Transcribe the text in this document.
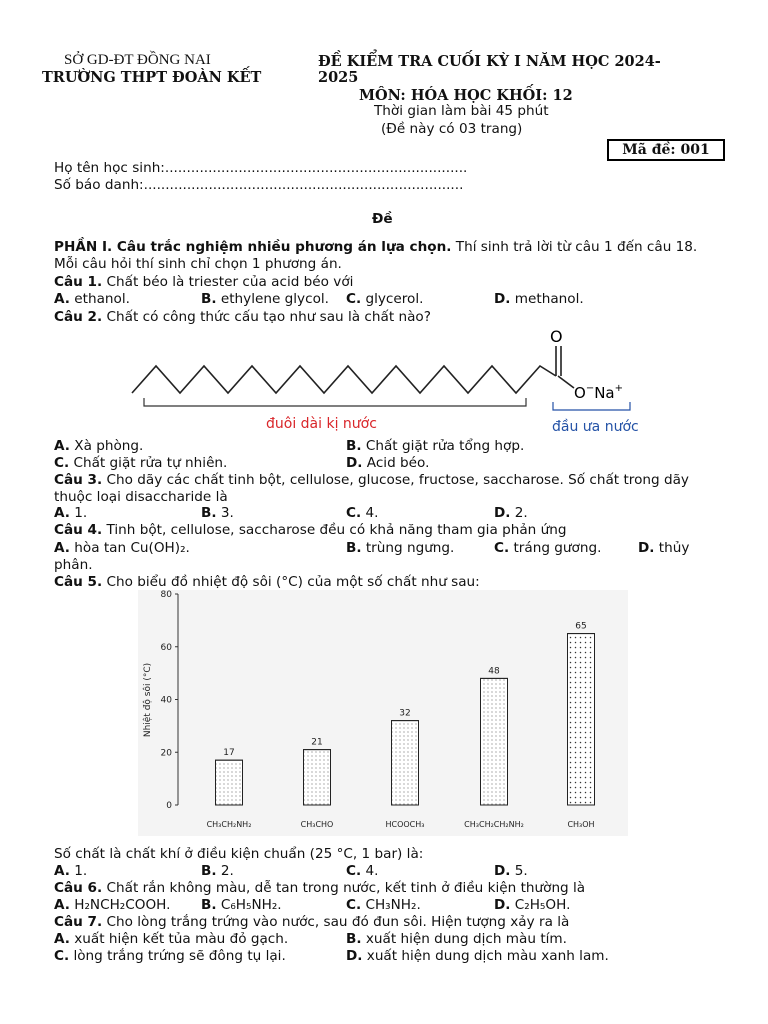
SỞ GD-ĐT ĐỒNG NAI
TRƯỜNG THPT ĐOÀN KẾT
ĐỀ KIỂM TRA CUỐI KỲ I NĂM HỌC 2024-
2025
MÔN: HÓA HỌC KHỐI: 12
Thời gian làm bài 45 phút
(Đề này có 03 trang)
Mã đề: 001
Họ tên học sinh:......................................................................
Số báo danh:..........................................................................
Đề
PHẦN I. Câu trắc nghiệm nhiều phương án lựa chọn. Thí sinh trả lời từ câu 1 đến câu 18. Mỗi câu hỏi thí sinh chỉ chọn 1 phương án.
Câu 1. Chất béo là triester của acid béo với
A. ethanol.	B. ethylene glycol. C. glycerol.	D. methanol.
Câu 2. Chất có công thức cấu tạo như sau là chất nào?
O
O−Na+
đuôi dài kị nước	đầu ưa nước
A. Xà phòng.	B. Chất giặt rửa tổng hợp.
C. Chất giặt rửa tự nhiên.	D. Acid béo.
Câu 3. Cho dãy các chất tinh bột, cellulose, glucose, fructose, saccharose. Số chất trong dãy thuộc loại disaccharide là
A. 1.	B. 3.	C. 4.	D. 2.
Câu 4. Tinh bột, cellulose, saccharose đều có khả năng tham gia phản ứng
A. hòa tan Cu(OH)₂.	B. trùng ngưng.	C. tráng gương.	D. thủy
phân.
Câu 5. Cho biểu đồ nhiệt độ sôi (°C) của một số chất như sau:
Nhiệt độ sôi (°C)
0
20
40
60
80
17
CH₃CH₂NH₂
21
CH₃CHO
32
HCOOCH₃
48
CH₃CH₂CH₂NH₂
65
CH₃OH
Số chất là chất khí ở điều kiện chuẩn (25 °C, 1 bar) là:
A. 1.	B. 2.	C. 4.	D. 5.
Câu 6. Chất rắn không màu, dễ tan trong nước, kết tinh ở điều kiện thường là
A. H₂NCH₂COOH. B. C₆H₅NH₂.	C. CH₃NH₂.	D. C₂H₅OH.
Câu 7. Cho lòng trắng trứng vào nước, sau đó đun sôi. Hiện tượng xảy ra là
A. xuất hiện kết tủa màu đỏ gạch.	B. xuất hiện dung dịch màu tím.
C. lòng trắng trứng sẽ đông tụ lại.	D. xuất hiện dung dịch màu xanh lam.
